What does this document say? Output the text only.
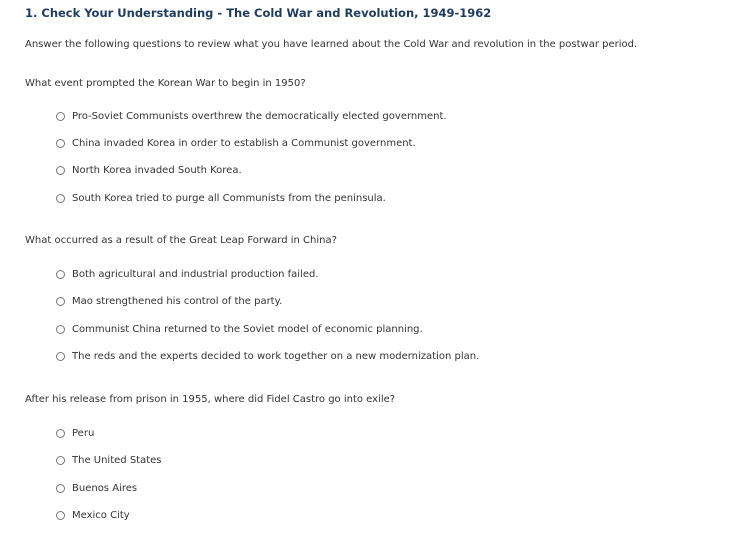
1. Check Your Understanding - The Cold War and Revolution, 1949-1962
Answer the following questions to review what you have learned about the Cold War and revolution in the postwar period.
What event prompted the Korean War to begin in 1950?
Pro-Soviet Communists overthrew the democratically elected government.
China invaded Korea in order to establish a Communist government.
North Korea invaded South Korea.
South Korea tried to purge all Communists from the peninsula.
What occurred as a result of the Great Leap Forward in China?
Both agricultural and industrial production failed.
Mao strengthened his control of the party.
Communist China returned to the Soviet model of economic planning.
The reds and the experts decided to work together on a new modernization plan.
After his release from prison in 1955, where did Fidel Castro go into exile?
Peru
The United States
Buenos Aires
Mexico City
